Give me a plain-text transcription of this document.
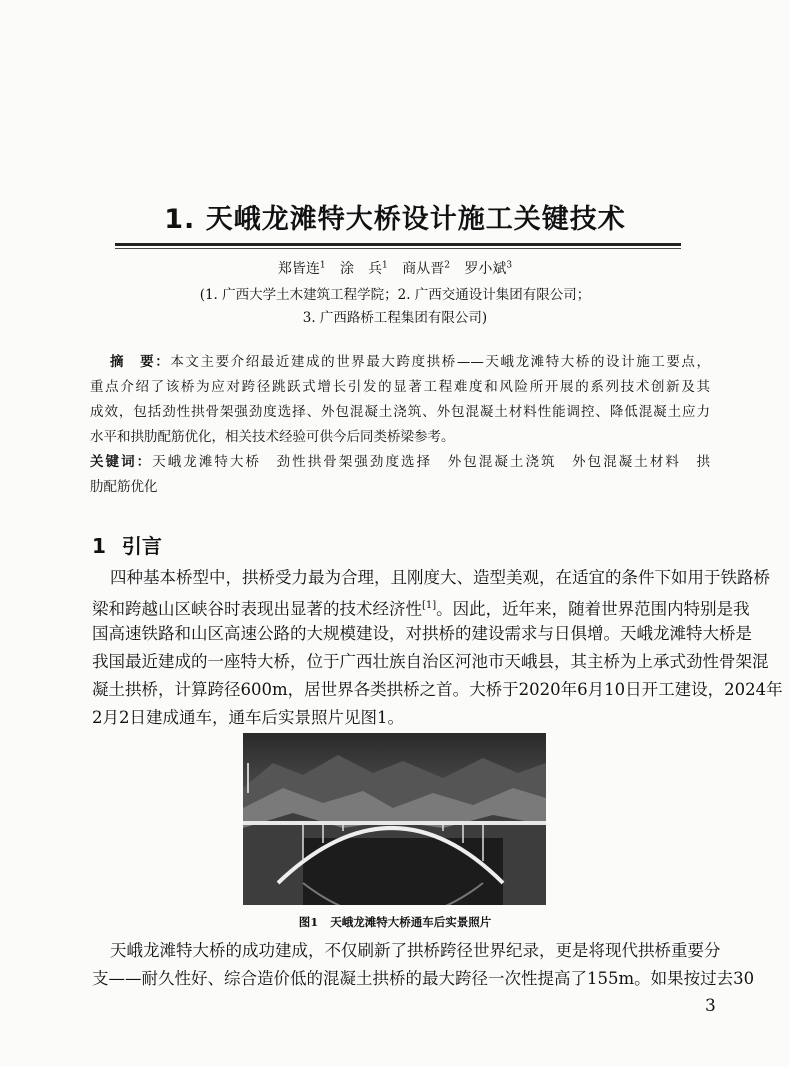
1. 天峨龙滩特大桥设计施工关键技术
郑皆连$^1$ 涂　兵$^1$ 商从晋$^2$ 罗小斌$^3$
(1. 广西大学土木建筑工程学院；2. 广西交通设计集团有限公司；
3. 广西路桥工程集团有限公司)
摘　要：本文主要介绍最近建成的世界最大跨度拱桥——天峨龙滩特大桥的设计施工要点，
重点介绍了该桥为应对跨径跳跃式增长引发的显著工程难度和风险所开展的系列技术创新及其
成效，包括劲性拱骨架强劲度选择、外包混凝土浇筑、外包混凝土材料性能调控、降低混凝土应力
水平和拱肋配筋优化，相关技术经验可供今后同类桥梁参考。
关键词：天峨龙滩特大桥　劲性拱骨架强劲度选择　外包混凝土浇筑　外包混凝土材料　拱
肋配筋优化
1 引言
四种基本桥型中，拱桥受力最为合理，且刚度大、造型美观，在适宜的条件下如用于铁路桥
梁和跨越山区峡谷时表现出显著的技术经济性[1]。因此，近年来，随着世界范围内特别是我
国高速铁路和山区高速公路的大规模建设，对拱桥的建设需求与日俱增。天峨龙滩特大桥是
我国最近建成的一座特大桥，位于广西壮族自治区河池市天峨县，其主桥为上承式劲性骨架混
凝土拱桥，计算跨径600m，居世界各类拱桥之首。大桥于2020年6月10日开工建设，2024年
2月2日建成通车，通车后实景照片见图1。
图1 天峨龙滩特大桥通车后实景照片
天峨龙滩特大桥的成功建成，不仅刷新了拱桥跨径世界纪录，更是将现代拱桥重要分
支——耐久性好、综合造价低的混凝土拱桥的最大跨径一次性提高了155m。如果按过去30
3
